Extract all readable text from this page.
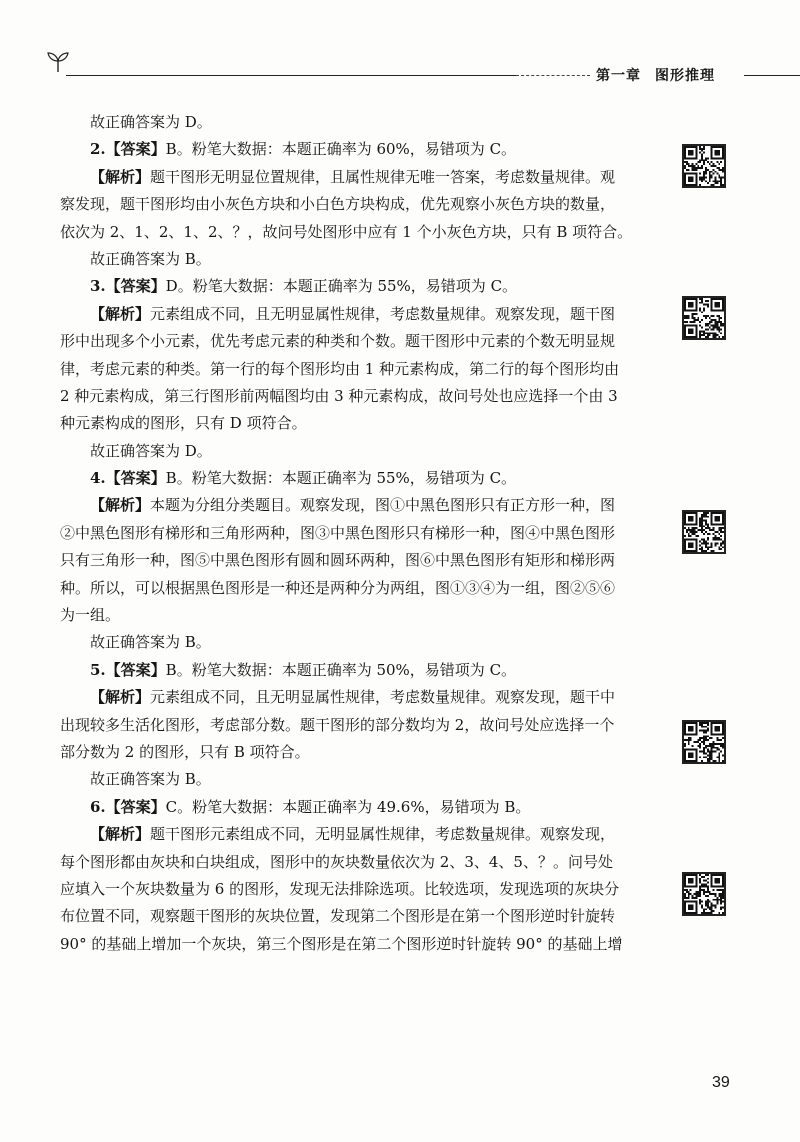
第一章 图形推理
故正确答案为 D。
2.【答案】B。粉笔大数据：本题正确率为 60%，易错项为 C。
【解析】题干图形无明显位置规律，且属性规律无唯一答案，考虑数量规律。观
察发现，题干图形均由小灰色方块和小白色方块构成，优先观察小灰色方块的数量，
依次为 2、1、2、1、2、？，故问号处图形中应有 1 个小灰色方块，只有 B 项符合。
故正确答案为 B。
3.【答案】D。粉笔大数据：本题正确率为 55%，易错项为 C。
【解析】元素组成不同，且无明显属性规律，考虑数量规律。观察发现，题干图
形中出现多个小元素，优先考虑元素的种类和个数。题干图形中元素的个数无明显规
律，考虑元素的种类。第一行的每个图形均由 1 种元素构成，第二行的每个图形均由
2 种元素构成，第三行图形前两幅图均由 3 种元素构成，故问号处也应选择一个由 3
种元素构成的图形，只有 D 项符合。
故正确答案为 D。
4.【答案】B。粉笔大数据：本题正确率为 55%，易错项为 C。
【解析】本题为分组分类题目。观察发现，图①中黑色图形只有正方形一种，图
②中黑色图形有梯形和三角形两种，图③中黑色图形只有梯形一种，图④中黑色图形
只有三角形一种，图⑤中黑色图形有圆和圆环两种，图⑥中黑色图形有矩形和梯形两
种。所以，可以根据黑色图形是一种还是两种分为两组，图①③④为一组，图②⑤⑥
为一组。
故正确答案为 B。
5.【答案】B。粉笔大数据：本题正确率为 50%，易错项为 C。
【解析】元素组成不同，且无明显属性规律，考虑数量规律。观察发现，题干中
出现较多生活化图形，考虑部分数。题干图形的部分数均为 2，故问号处应选择一个
部分数为 2 的图形，只有 B 项符合。
故正确答案为 B。
6.【答案】C。粉笔大数据：本题正确率为 49.6%，易错项为 B。
【解析】题干图形元素组成不同，无明显属性规律，考虑数量规律。观察发现，
每个图形都由灰块和白块组成，图形中的灰块数量依次为 2、3、4、5、？。问号处
应填入一个灰块数量为 6 的图形，发现无法排除选项。比较选项，发现选项的灰块分
布位置不同，观察题干图形的灰块位置，发现第二个图形是在第一个图形逆时针旋转
90° 的基础上增加一个灰块，第三个图形是在第二个图形逆时针旋转 90° 的基础上增
39
